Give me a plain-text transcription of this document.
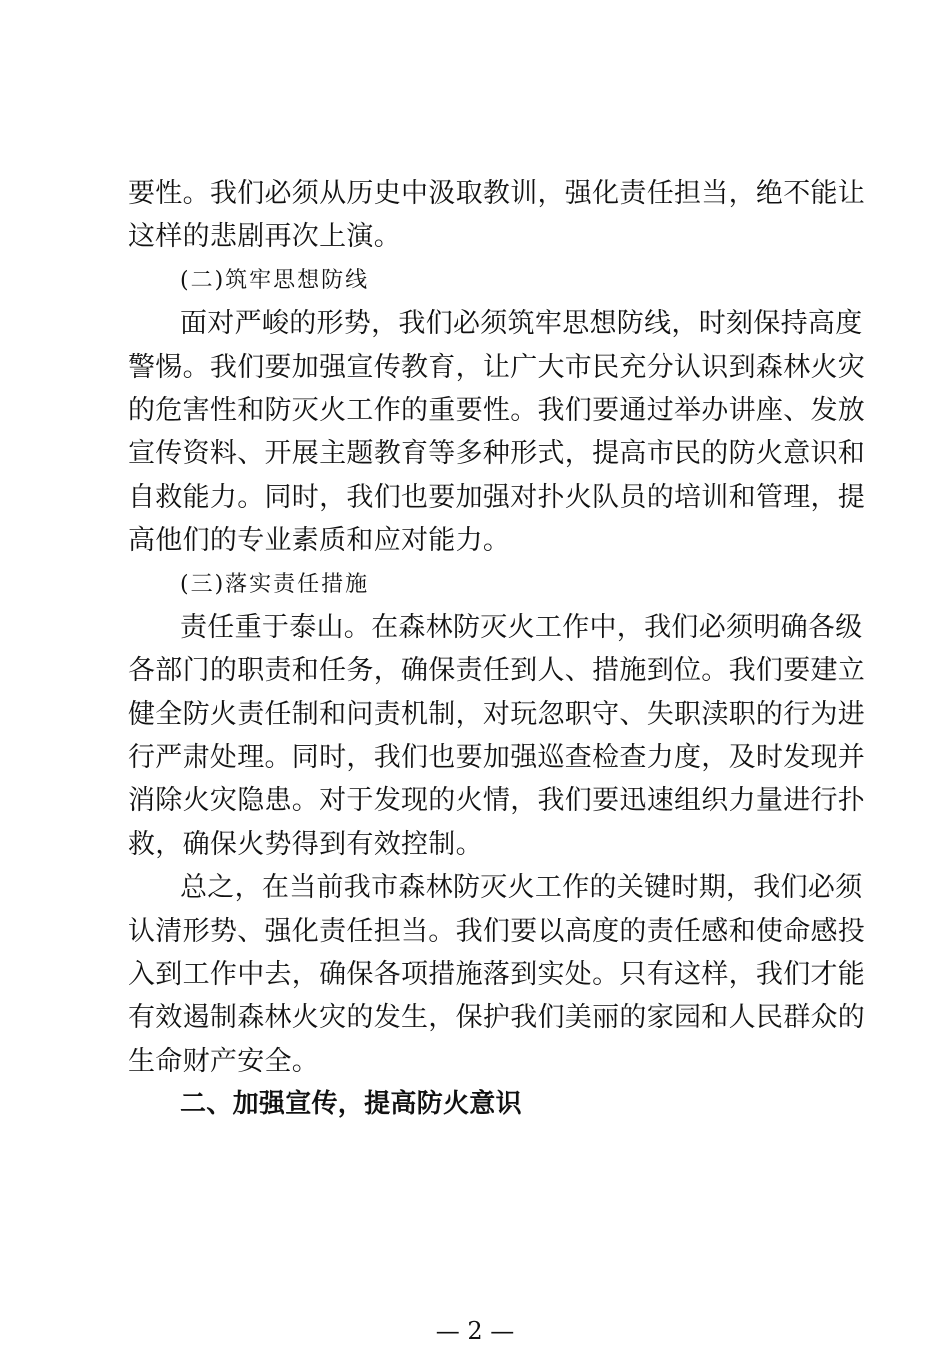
要性。我们必须从历史中汲取教训，强化责任担当，绝不能让
这样的悲剧再次上演。
(二)筑牢思想防线
面对严峻的形势，我们必须筑牢思想防线，时刻保持高度
警惕。我们要加强宣传教育，让广大市民充分认识到森林火灾
的危害性和防灭火工作的重要性。我们要通过举办讲座、发放
宣传资料、开展主题教育等多种形式，提高市民的防火意识和
自救能力。同时，我们也要加强对扑火队员的培训和管理，提
高他们的专业素质和应对能力。
(三)落实责任措施
责任重于泰山。在森林防灭火工作中，我们必须明确各级
各部门的职责和任务，确保责任到人、措施到位。我们要建立
健全防火责任制和问责机制，对玩忽职守、失职渎职的行为进
行严肃处理。同时，我们也要加强巡查检查力度，及时发现并
消除火灾隐患。对于发现的火情，我们要迅速组织力量进行扑
救，确保火势得到有效控制。
总之，在当前我市森林防灭火工作的关键时期，我们必须
认清形势、强化责任担当。我们要以高度的责任感和使命感投
入到工作中去，确保各项措施落到实处。只有这样，我们才能
有效遏制森林火灾的发生，保护我们美丽的家园和人民群众的
生命财产安全。
二、加强宣传，提高防火意识
— 2 —
